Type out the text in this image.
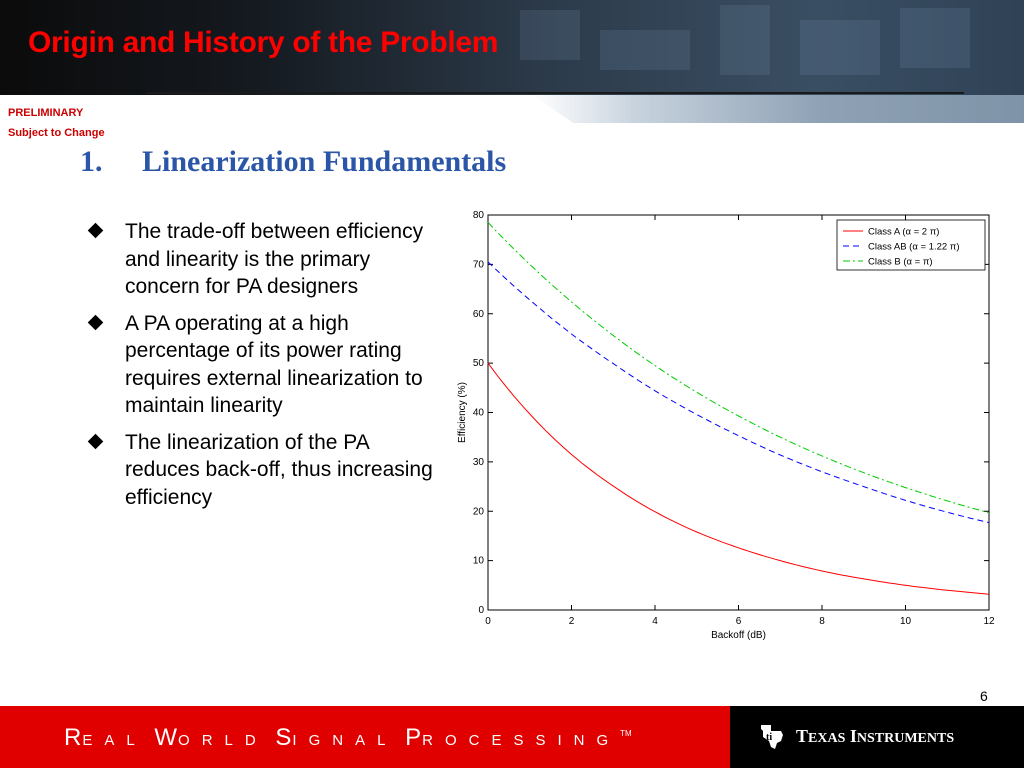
Origin and History of the Problem
PRELIMINARY
Subject to Change
1. Linearization Fundamentals
The trade-off between efficiency and linearity is the primary concern for PA designers
A PA operating at a high percentage of its power rating requires external linearization to maintain linearity
The linearization of the PA reduces back-off, thus increasing efficiency
0	2	4	6	8	10	12
0
10
20
30
40
50
60
70
80
Backoff (dB)
Efficiency (%)
Class A (α = 2 π)
Class AB (α = 1.22 π)
Class B (α = π)

REAL WORLD SIGNAL PROCESSING™	ti TEXAS INSTRUMENTS

6
